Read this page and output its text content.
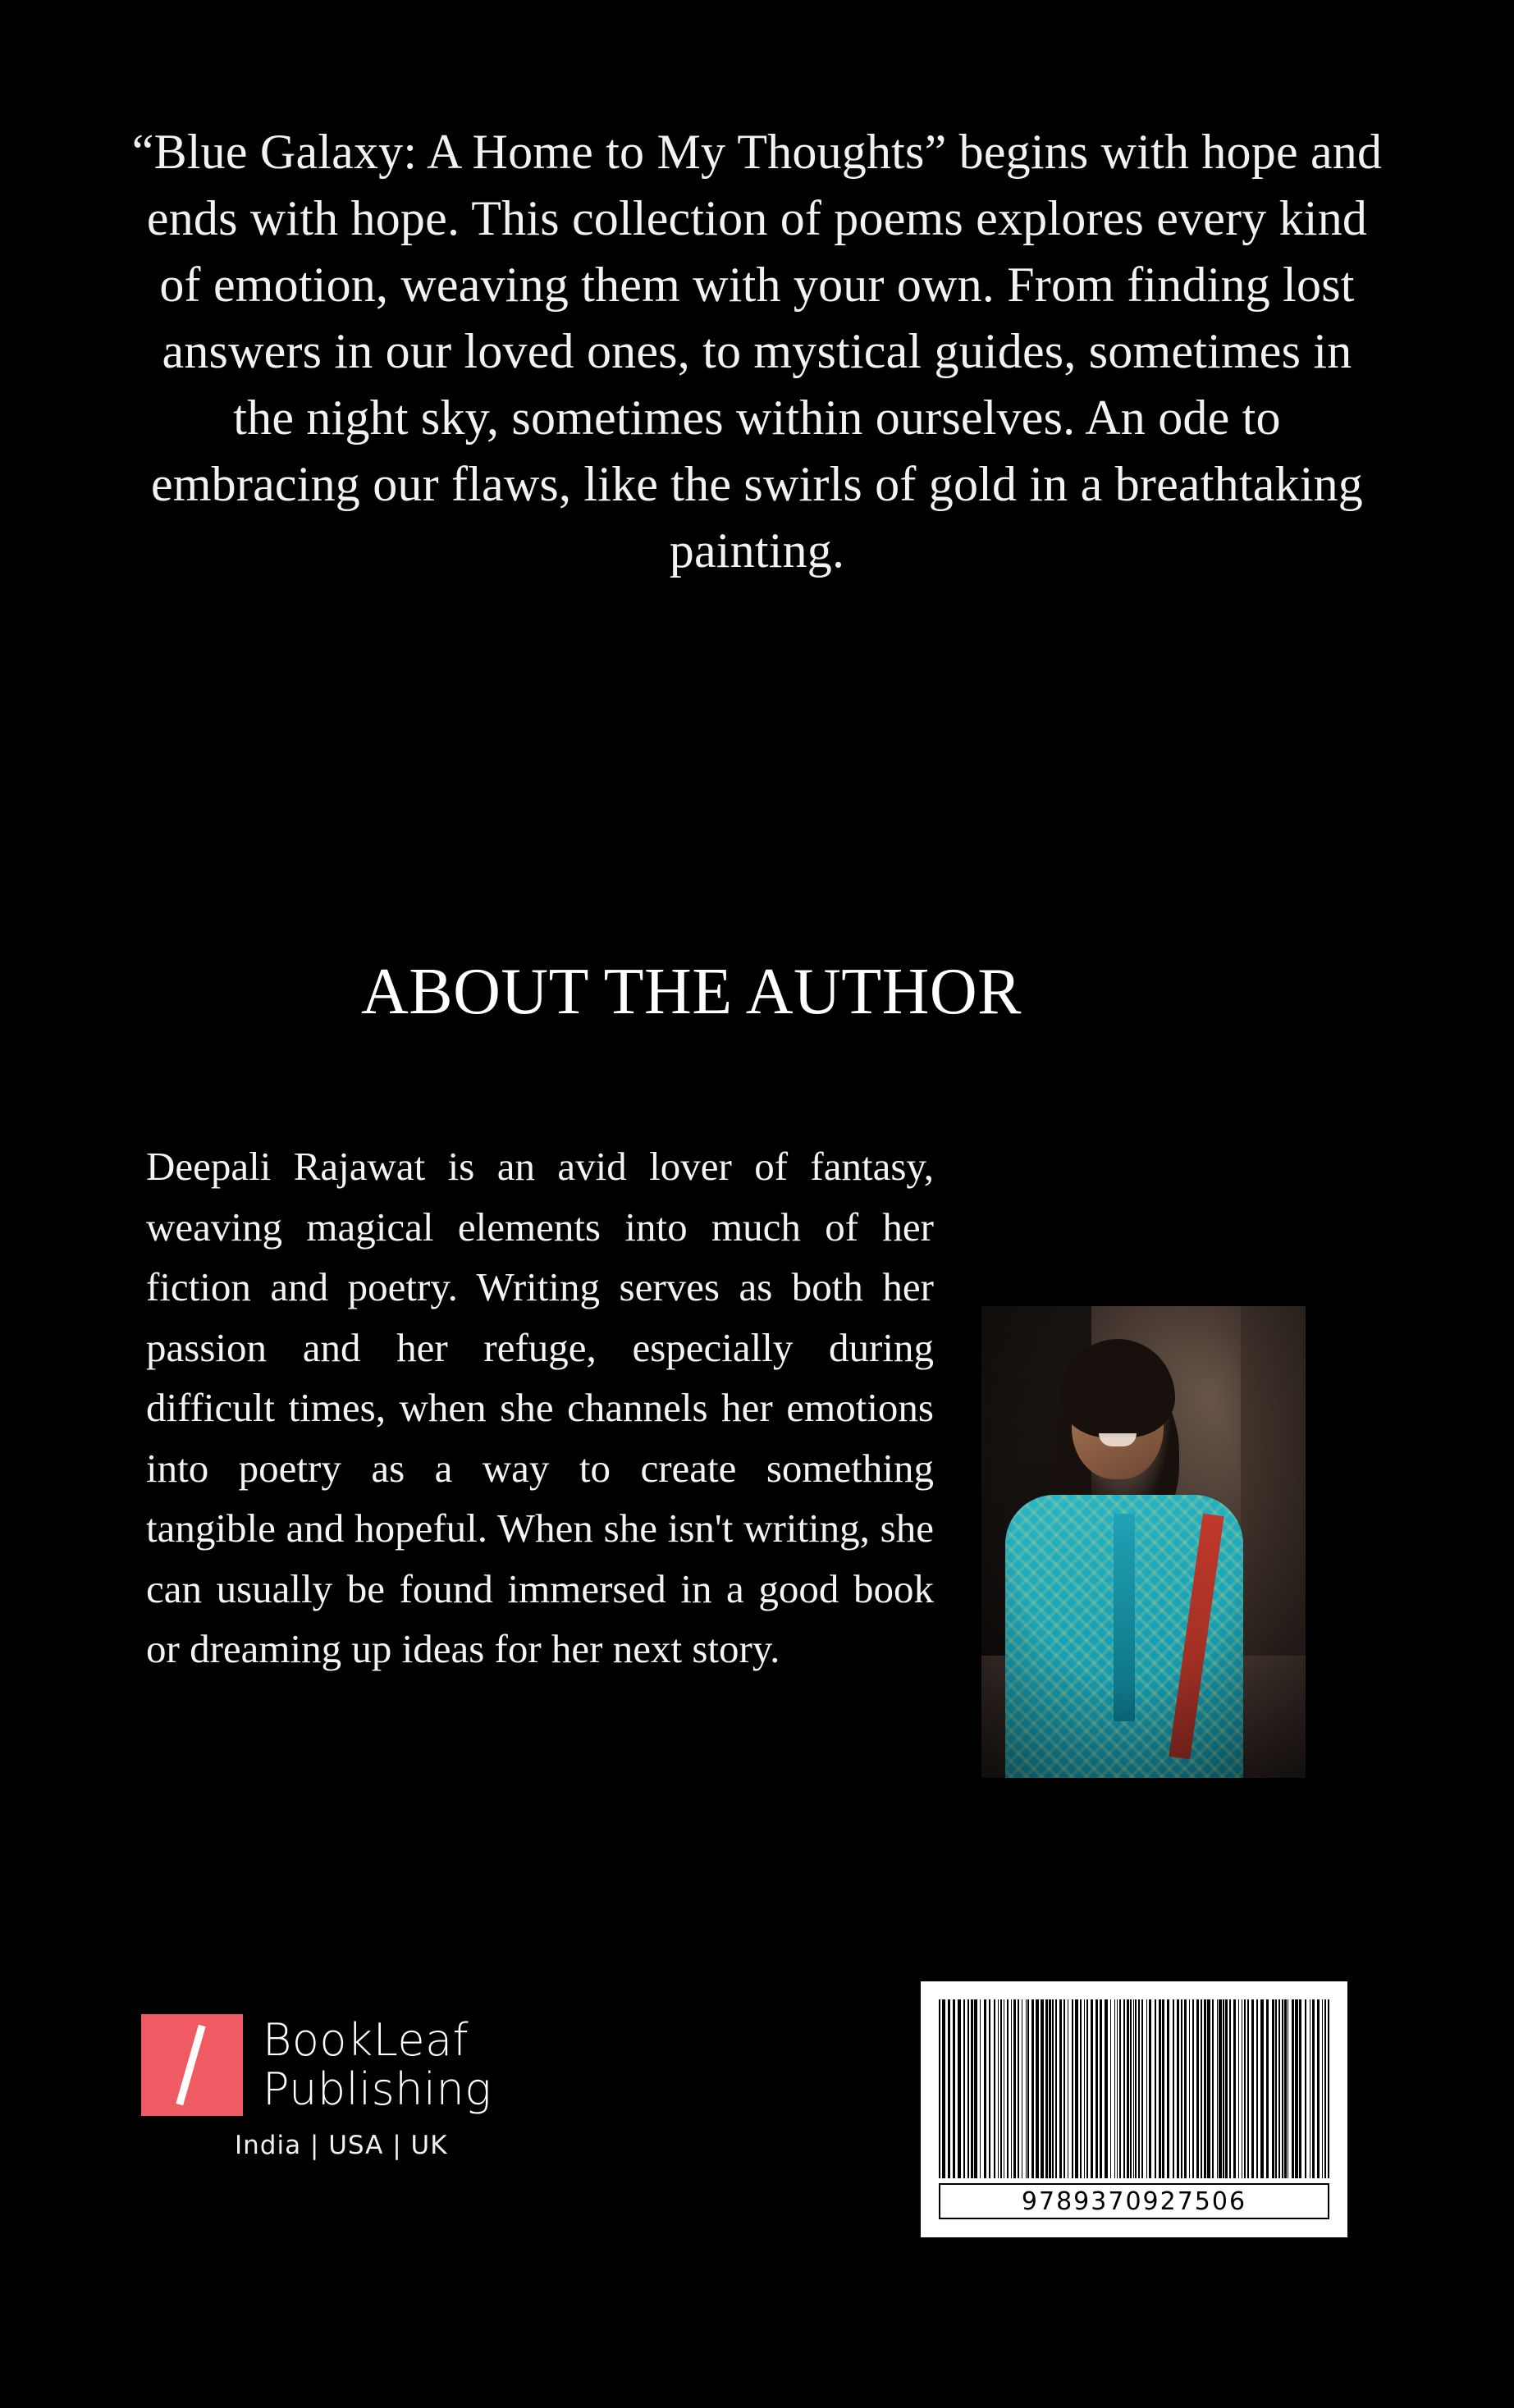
“Blue Galaxy: A Home to My Thoughts” begins with hope and ends with hope. This collection of poems explores every kind of emotion, weaving them with your own. From finding lost answers in our loved ones, to mystical guides, sometimes in the night sky, sometimes within ourselves. An ode to embracing our flaws, like the swirls of gold in a breathtaking painting.
ABOUT THE AUTHOR
Deepali Rajawat is an avid lover of fantasy, weaving magical elements into much of her fiction and poetry. Writing serves as both her passion and her refuge, especially during difficult times, when she channels her emotions into poetry as a way to create something tangible and hopeful. When she isn't writing, she can usually be found immersed in a good book or dreaming up ideas for her next story.
BookLeaf
Publishing
India | USA | UK
9789370927506
